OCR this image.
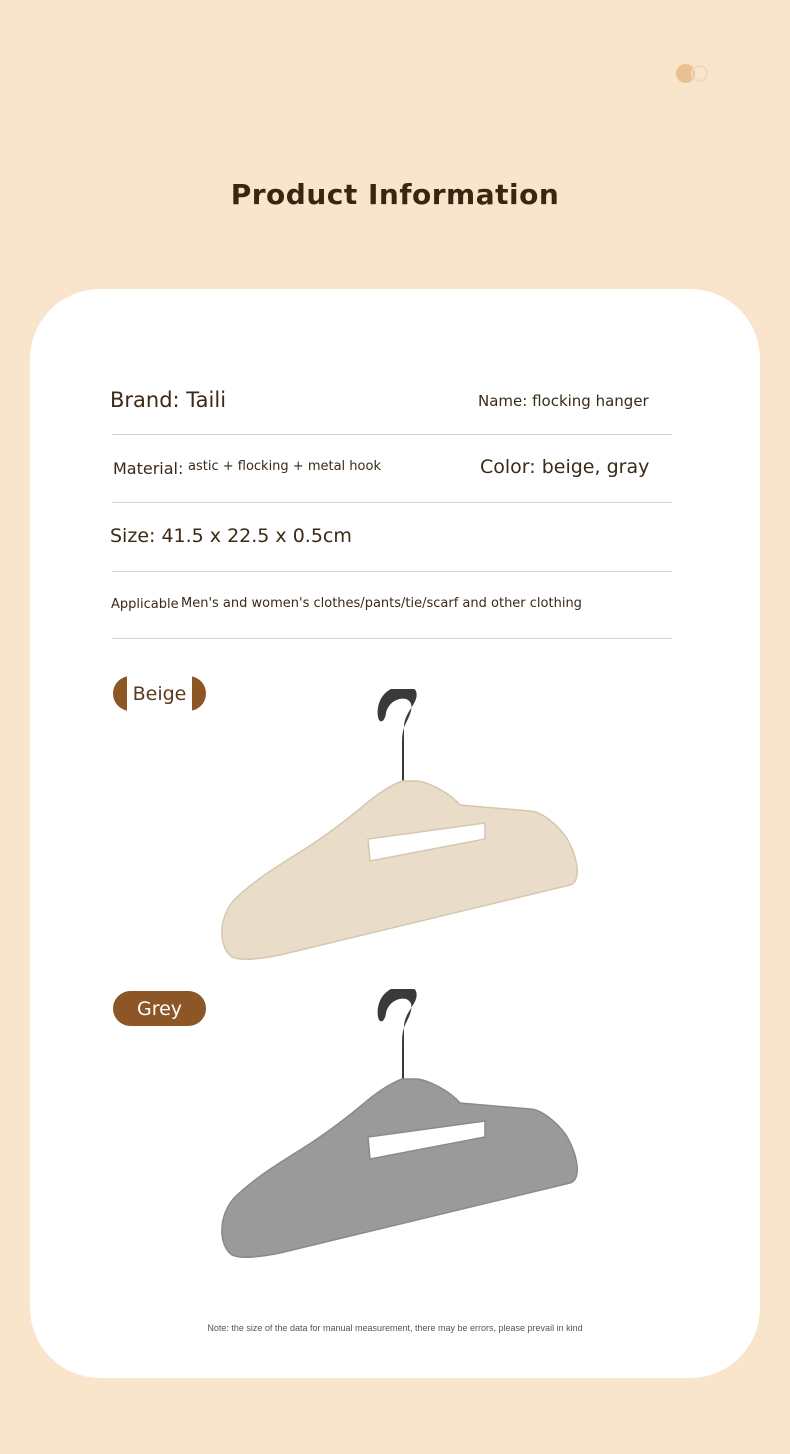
Product Information
Brand: Taili	Name: flocking hanger
Material: astic + flocking + metal hook	Color: beige, gray
Size: 41.5 x 22.5 x 0.5cm
Applicable Men's and women's clothes/pants/tie/scarf and other clothing
Beige
Grey

Note: the size of the data for manual measurement, there may be errors, please prevail in kind
